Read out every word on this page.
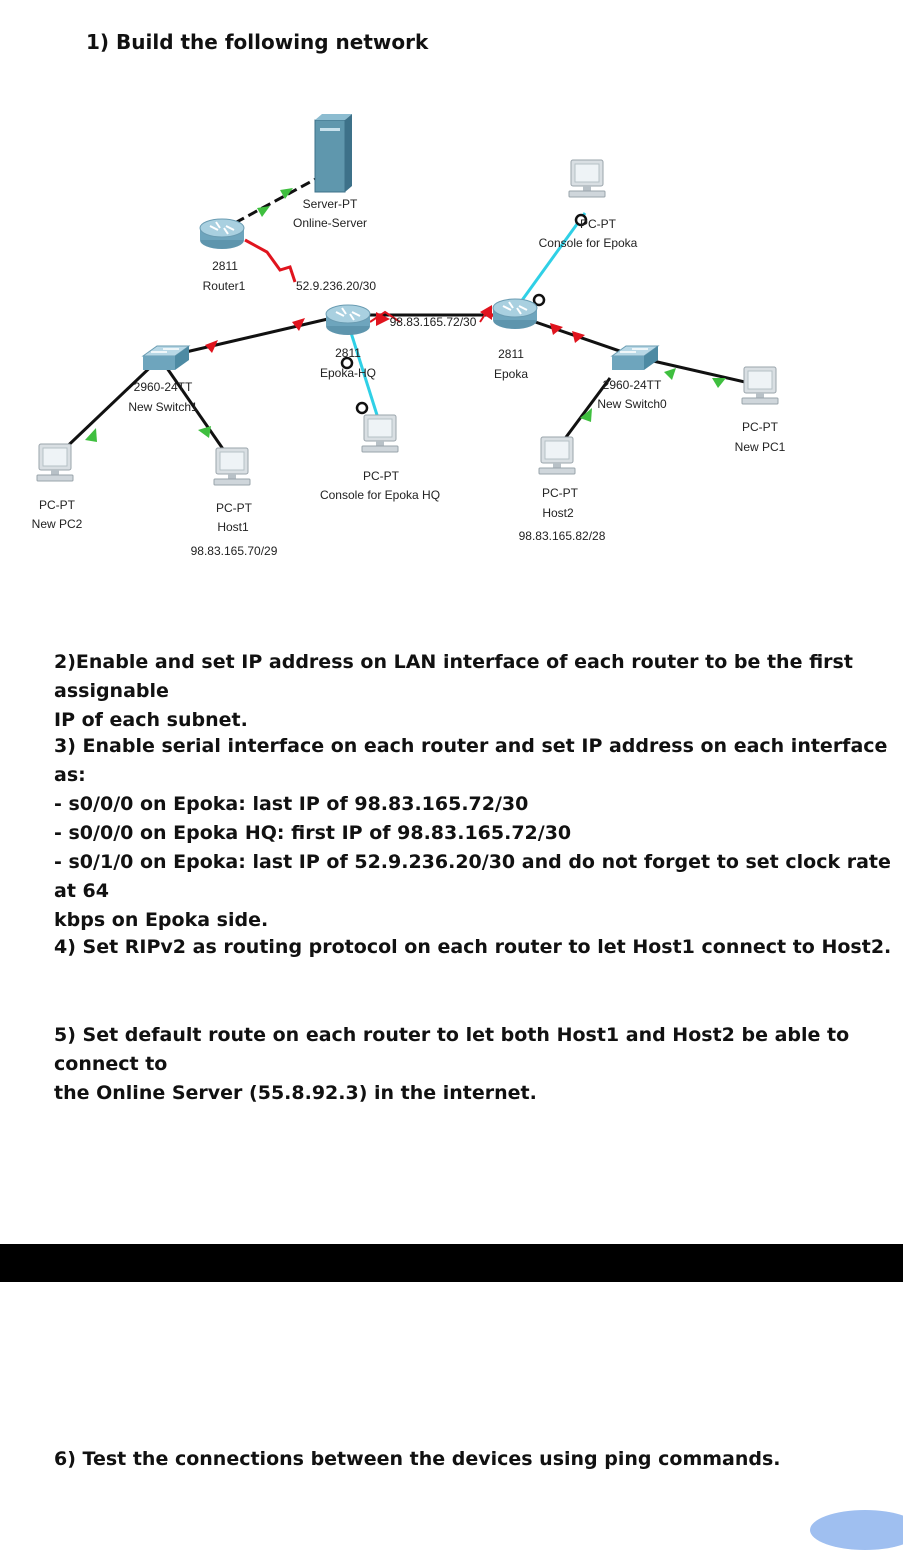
1) Build the following network
Server-PT
Online-Server
2811
Router1	52.9.236.20/30
2811
Epoka-HQ
98.83.165.72/30
2811
Epoka
PC-PT
Console for Epoka
2960-24TT
New Switch1
2960-24TT
New Switch0
PC-PT
Console for Epoka HQ
PC-PT
New PC2
PC-PT
Host1
98.83.165.70/29
PC-PT
Host2
98.83.165.82/28
PC-PT
New PC1
2)Enable and set IP address on LAN interface of each router to be the first assignable
IP of each subnet.
3) Enable serial interface on each router and set IP address on each interface as:
- s0/0/0 on Epoka: last IP of 98.83.165.72/30
- s0/0/0 on Epoka HQ: first IP of 98.83.165.72/30
- s0/1/0 on Epoka: last IP of 52.9.236.20/30 and do not forget to set clock rate at 64
kbps on Epoka side.
4) Set RIPv2 as routing protocol on each router to let Host1 connect to Host2.
5) Set default route on each router to let both Host1 and Host2 be able to connect to
the Online Server (55.8.92.3) in the internet.
6) Test the connections between the devices using ping commands.
